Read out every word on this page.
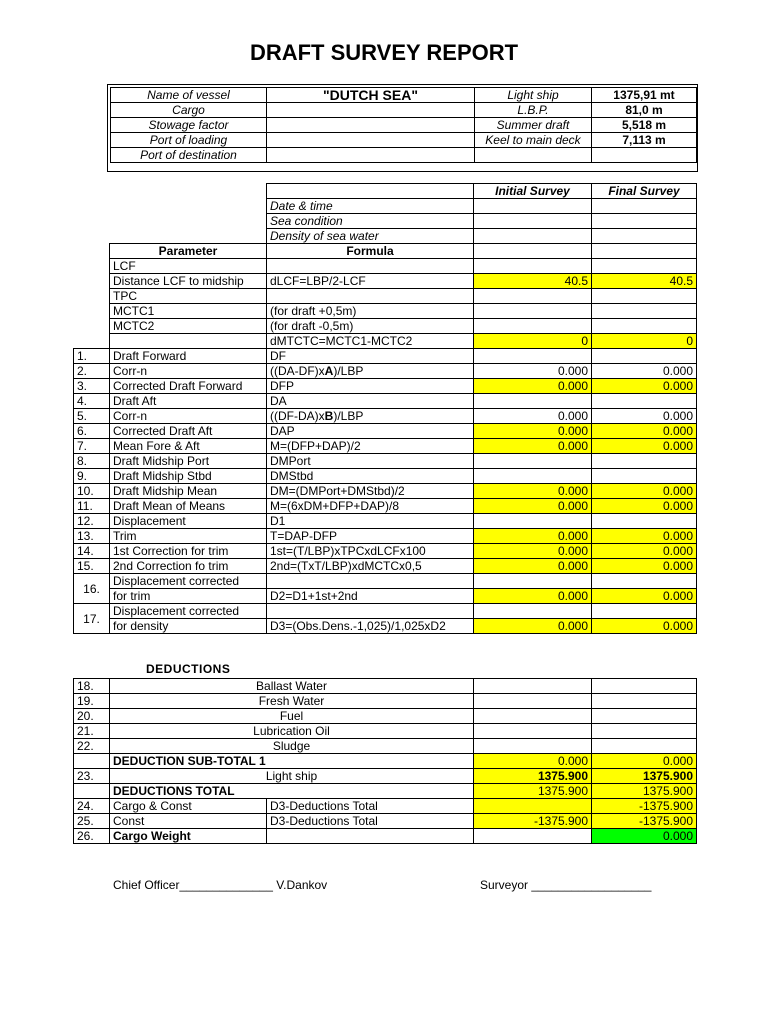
DRAFT SURVEY REPORT
Name of vessel	"DUTCH SEA"	Light ship	1375,91 mt
Cargo		L.B.P.	81,0 m
Stowage factor		Summer draft	5,518 m
Port of loading		Keel to main deck	7,113 m
Port of destination			
			Initial Survey	Final Survey
		Date & time		
		Sea condition		
		Density of sea water		
	Parameter	Formula		
	LCF			
	Distance LCF to midship	dLCF=LBP/2-LCF	40.5	40.5
	TPC			
	MCTC1	(for draft +0,5m)		
	MCTC2	(for draft -0,5m)		
		dMTCTC=MCTC1-MCTC2	0	0
1.	Draft Forward	DF		
2.	Corr-n	((DA-DF)xA)/LBP	0.000	0.000
3.	Corrected Draft Forward	DFP	0.000	0.000
4.	Draft Aft	DA		
5.	Corr-n	((DF-DA)xB)/LBP	0.000	0.000
6.	Corrected Draft Aft	DAP	0.000	0.000
7.	Mean Fore & Aft	M=(DFP+DAP)/2	0.000	0.000
8.	Draft Midship Port	DMPort		
9.	Draft Midship Stbd	DMStbd		
10.	Draft Midship Mean	DM=(DMPort+DMStbd)/2	0.000	0.000
11.	Draft Mean of Means	M=(6xDM+DFP+DAP)/8	0.000	0.000
12.	Displacement	D1		
13.	Trim	T=DAP-DFP	0.000	0.000
14.	1st Correction for trim	1st=(T/LBP)xTPCxdLCFx100	0.000	0.000
15.	2nd Correction fo trim	2nd=(TxT/LBP)xdMCTCx0,5	0.000	0.000
16.	Displacement corrected			
	for trim	D2=D1+1st+2nd	0.000	0.000
17.	Displacement corrected			
	for density	D3=(Obs.Dens.-1,025)/1,025xD2	0.000	0.000
DEDUCTIONS
18.	Ballast Water			
19.	Fresh Water			
20.	Fuel			
21.	Lubrication Oil			
22.	Sludge			
	DEDUCTION SUB-TOTAL 1		0.000	0.000
23.	Light ship		1375.900	1375.900
	DEDUCTIONS TOTAL		1375.900	1375.900
24.	Cargo & Const	D3-Deductions Total		-1375.900
25.	Const	D3-Deductions Total	-1375.900	-1375.900
26.	Cargo Weight			0.000
Chief Officer______________ V.Dankov	Surveyor __________________
